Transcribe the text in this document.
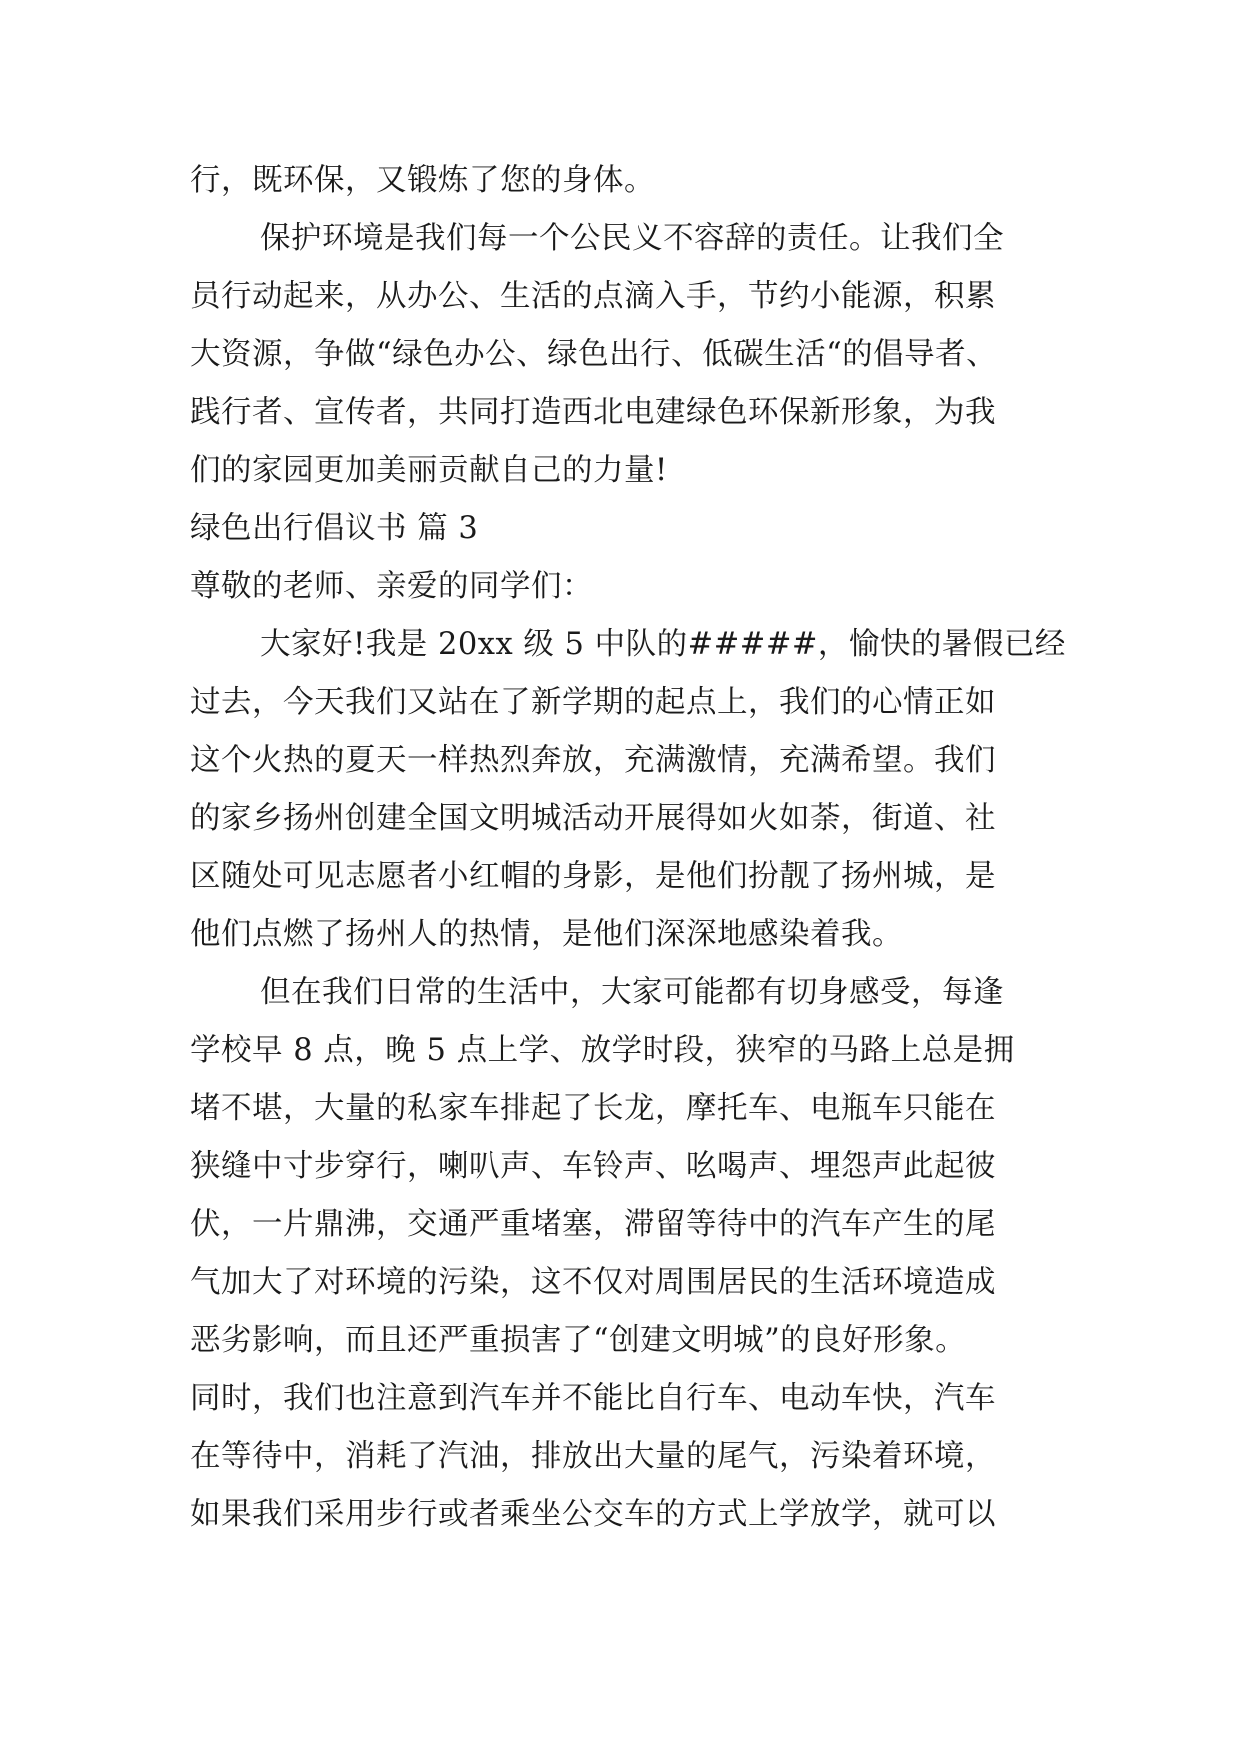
行，既环保，又锻炼了您的身体。
保护环境是我们每一个公民义不容辞的责任。让我们全
员行动起来，从办公、生活的点滴入手，节约小能源，积累
大资源，争做“绿色办公、绿色出行、低碳生活“的倡导者、
践行者、宣传者，共同打造西北电建绿色环保新形象，为我
们的家园更加美丽贡献自己的力量!
绿色出行倡议书 篇 3
尊敬的老师、亲爱的同学们：
大家好!我是 20xx 级 5 中队的#####，愉快的暑假已经
过去，今天我们又站在了新学期的起点上，我们的心情正如
这个火热的夏天一样热烈奔放，充满激情，充满希望。我们
的家乡扬州创建全国文明城活动开展得如火如荼，街道、社
区随处可见志愿者小红帽的身影，是他们扮靓了扬州城，是
他们点燃了扬州人的热情，是他们深深地感染着我。
但在我们日常的生活中，大家可能都有切身感受，每逢
学校早 8 点，晚 5 点上学、放学时段，狭窄的马路上总是拥
堵不堪，大量的私家车排起了长龙，摩托车、电瓶车只能在
狭缝中寸步穿行，喇叭声、车铃声、吆喝声、埋怨声此起彼
伏，一片鼎沸，交通严重堵塞，滞留等待中的汽车产生的尾
气加大了对环境的污染，这不仅对周围居民的生活环境造成
恶劣影响，而且还严重损害了“创建文明城”的良好形象。
同时，我们也注意到汽车并不能比自行车、电动车快，汽车
在等待中，消耗了汽油，排放出大量的尾气，污染着环境，
如果我们采用步行或者乘坐公交车的方式上学放学，就可以
